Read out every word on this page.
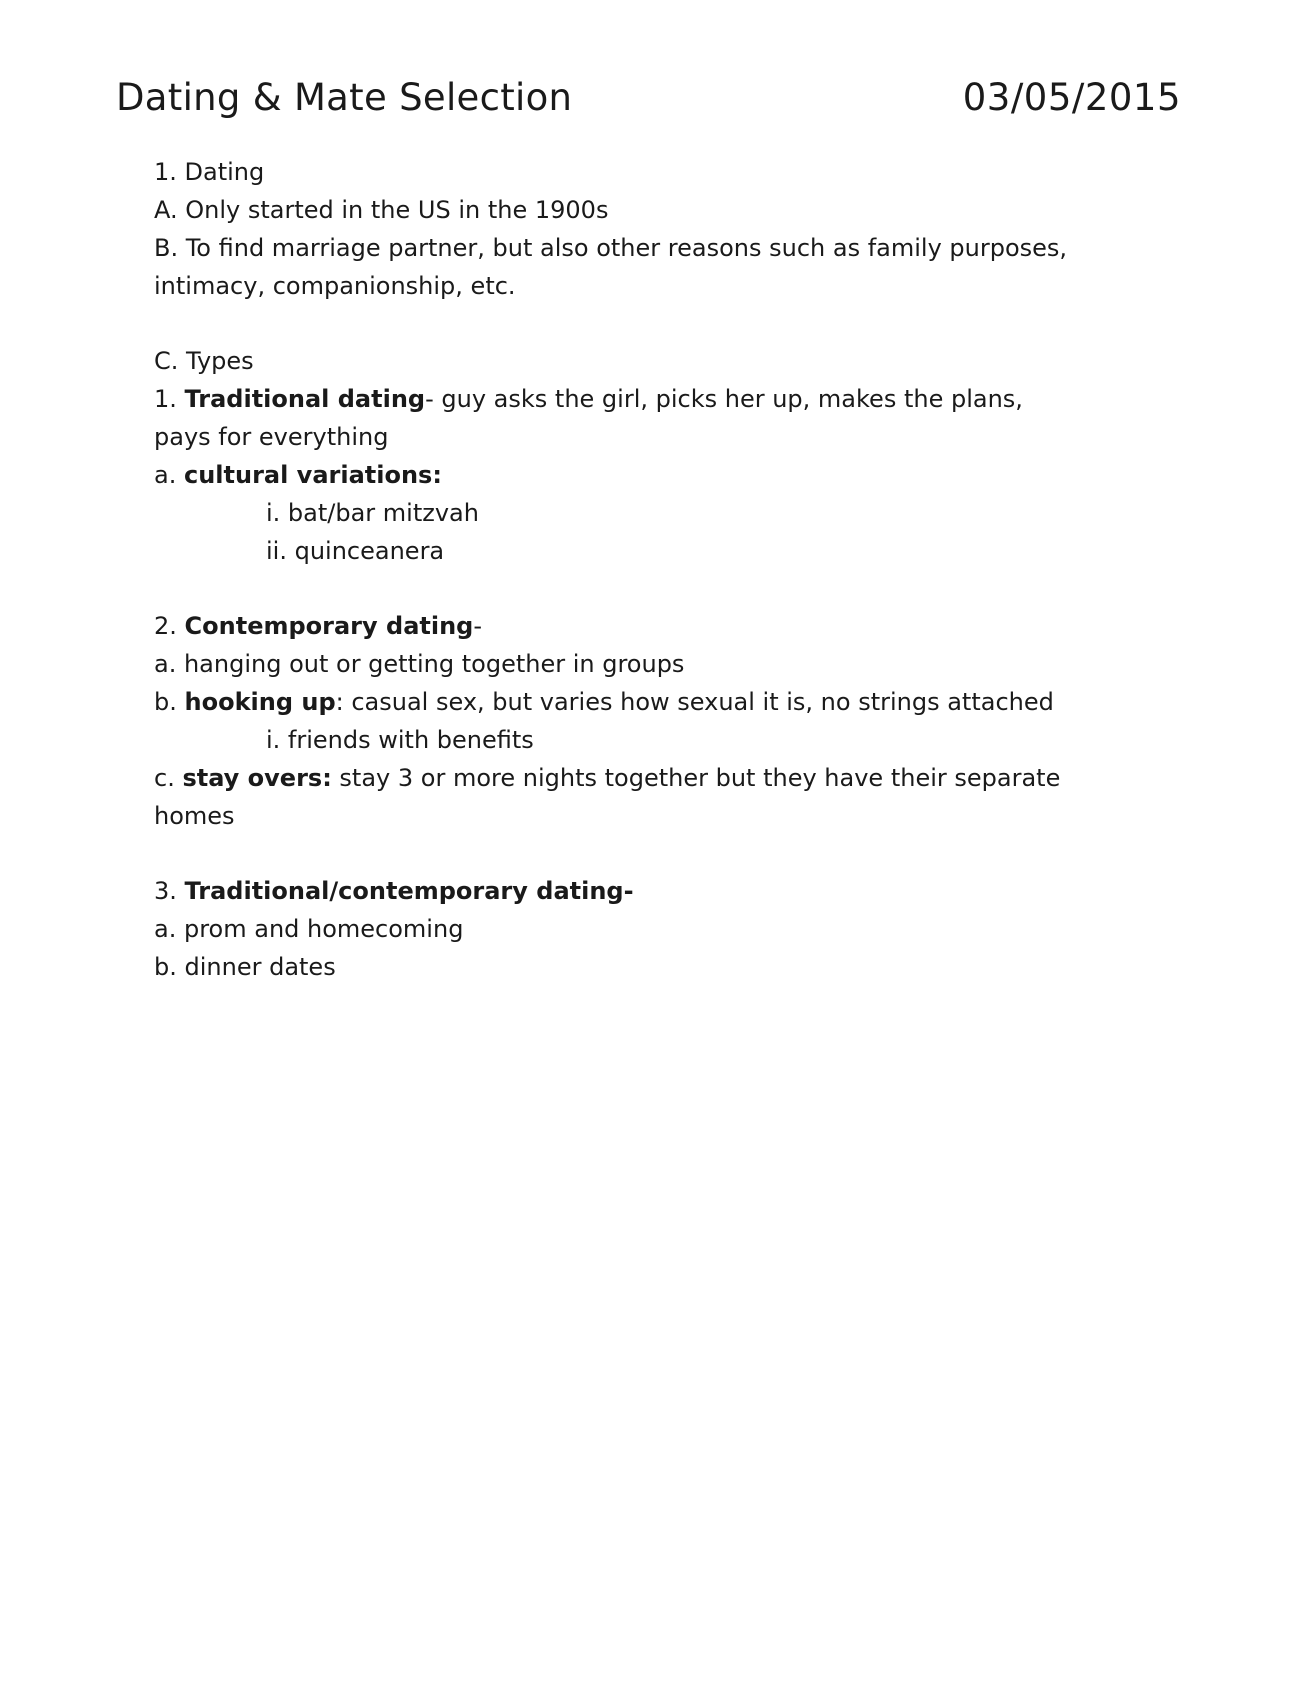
Dating & Mate Selection	03/05/2015
1. Dating
A. Only started in the US in the 1900s
B. To find marriage partner, but also other reasons such as family purposes,
intimacy, companionship, etc.
C. Types
1. Traditional dating- guy asks the girl, picks her up, makes the plans,
pays for everything
a. cultural variations:
i. bat/bar mitzvah
ii. quinceanera
2. Contemporary dating-
a. hanging out or getting together in groups
b. hooking up: casual sex, but varies how sexual it is, no strings attached
i. friends with benefits
c. stay overs: stay 3 or more nights together but they have their separate
homes
3. Traditional/contemporary dating-
a. prom and homecoming
b. dinner dates
